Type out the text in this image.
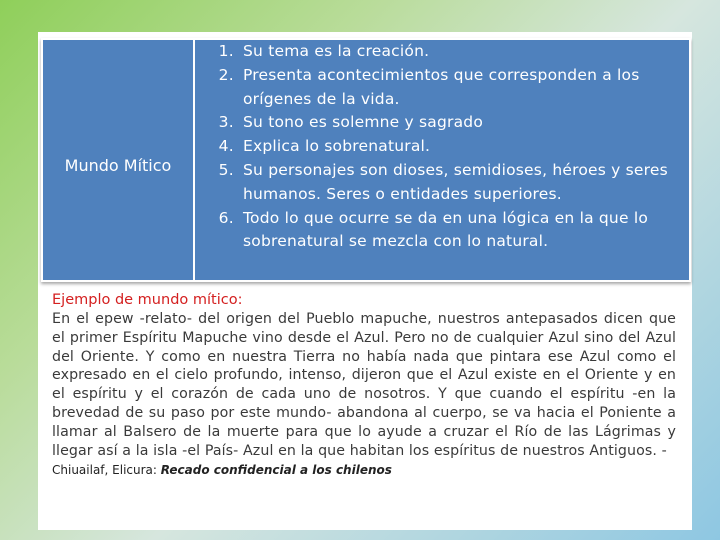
Mundo Mítico
1. Su tema es la creación.
2. Presenta acontecimientos que corresponden a los orígenes de la vida.
3. Su tono es solemne y sagrado
4. Explica lo sobrenatural.
5. Su personajes son dioses, semidioses, héroes y seres humanos. Seres o entidades superiores.
6. Todo lo que ocurre se da en una lógica en la que lo sobrenatural se mezcla con lo natural.

Ejemplo de mundo mítico:

En el epew -relato- del origen del Pueblo mapuche, nuestros antepasados dicen que el primer Espíritu Mapuche vino desde el Azul. Pero no de cualquier Azul sino del Azul del Oriente. Y como en nuestra Tierra no había nada que pintara ese Azul como el expresado en el cielo profundo, intenso, dijeron que el Azul existe en el Oriente y en el espíritu y el corazón de cada uno de nosotros. Y que cuando el espíritu -en la brevedad de su paso por este mundo- abandona al cuerpo, se va hacia el Poniente a llamar al Balsero de la muerte para que lo ayude a cruzar el Río de las Lágrimas y llegar así a la isla -el País- Azul en la que habitan los espíritus de nuestros Antiguos. -

Chiuailaf, Elicura: Recado confidencial a los chilenos
